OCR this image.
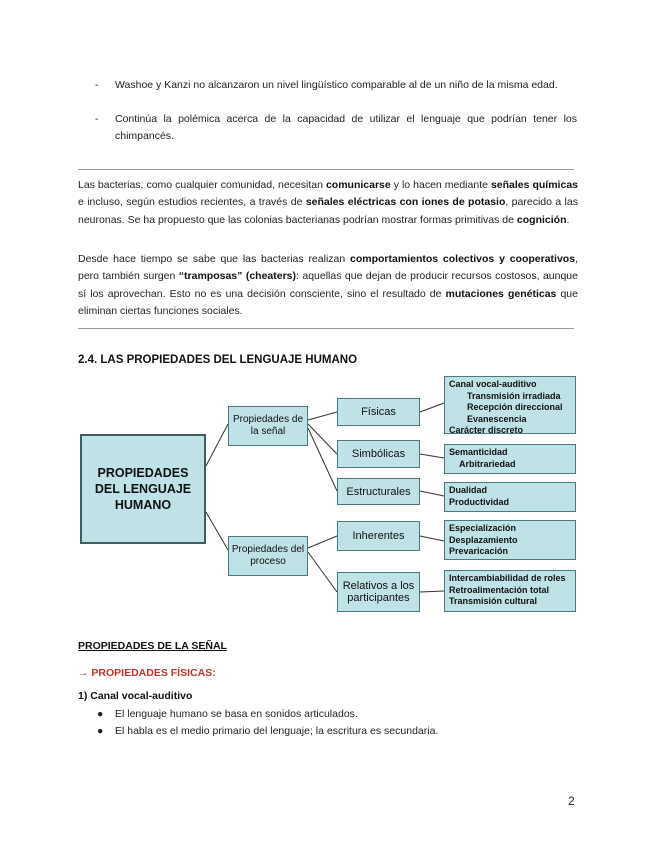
- Washoe y Kanzi no alcanzaron un nivel lingüístico comparable al de un niño de la misma edad.
- Continúa la polémica acerca de la capacidad de utilizar el lenguaje que podrían tener los chimpancés.
Las bacterias, como cualquier comunidad, necesitan comunicarse y lo hacen mediante señales químicas e incluso, según estudios recientes, a través de señales eléctricas con iones de potasio, parecido a las neuronas. Se ha propuesto que las colonias bacterianas podrían mostrar formas primitivas de cognición.
Desde hace tiempo se sabe que las bacterias realizan comportamientos colectivos y cooperativos, pero también surgen “tramposas” (cheaters): aquellas que dejan de producir recursos costosos, aunque sí los aprovechan. Esto no es una decisión consciente, sino el resultado de mutaciones genéticas que eliminan ciertas funciones sociales.
2.4. LAS PROPIEDADES DEL LENGUAJE HUMANO
PROPIEDADES
DEL LENGUAJE
HUMANO
Propiedades de
la señal
Propiedades del
proceso
Físicas
Simbólicas
Estructurales
Inherentes
Relativos a los
participantes
Canal vocal-auditivo
Transmisión irradiada
Recepción direccional
Evanescencia
Carácter discreto
Semanticidad
Arbitrariedad
Dualidad
Productividad
Especialización
Desplazamiento
Prevaricación
Intercambiabilidad de roles
Retroalimentación total
Transmisión cultural
PROPIEDADES DE LA SEÑAL
→ PROPIEDADES FÍSICAS:
1) Canal vocal-auditivo
● El lenguaje humano se basa en sonidos articulados.
● El habla es el medio primario del lenguaje; la escritura es secundaria.
2
